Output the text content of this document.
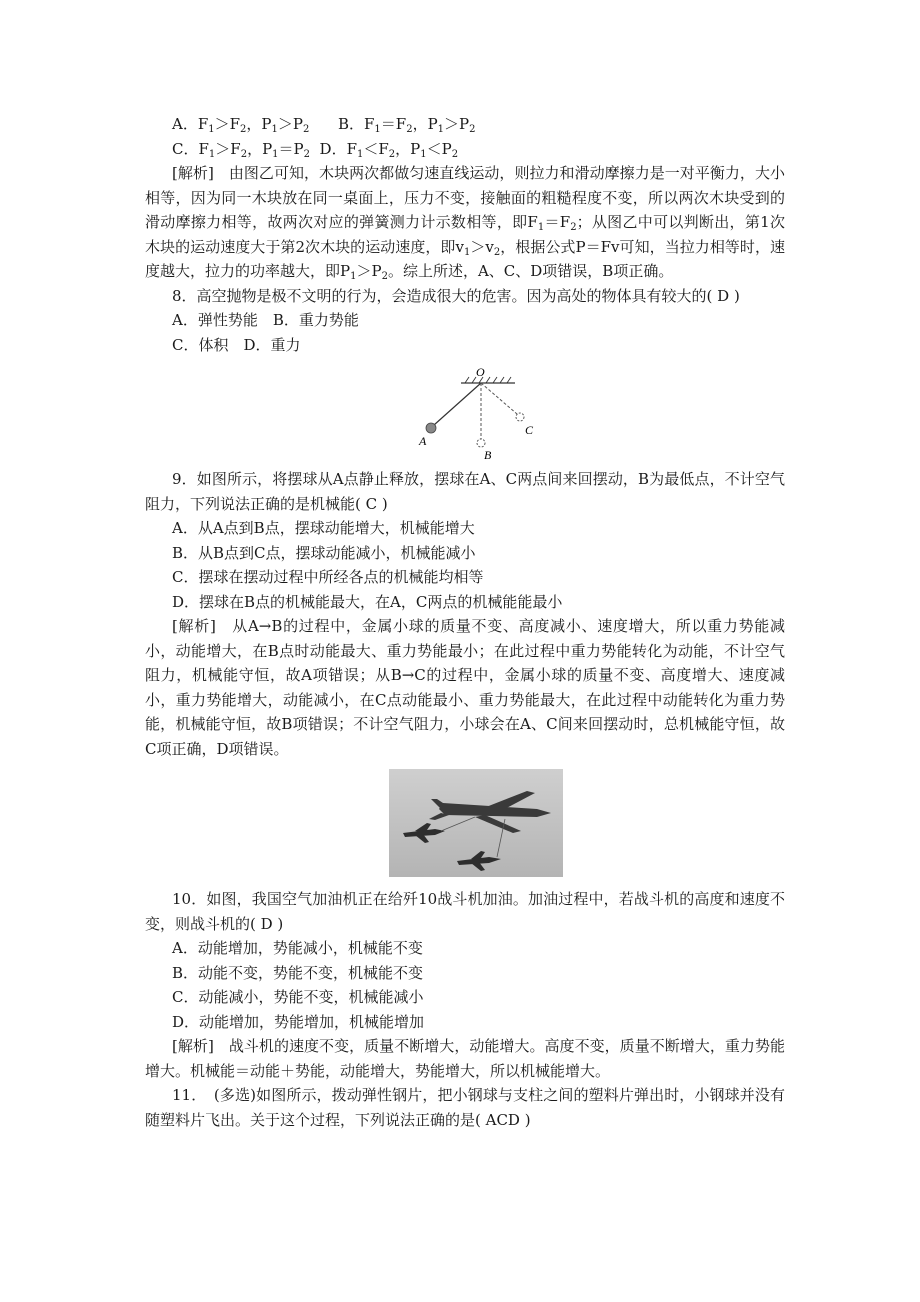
A．$F_1>F_2$，$P_1>P_2$      B．$F_1=F_2$，$P_1>P_2$
C．$F_1>F_2$，$P_1=P_2$  D．$F_1<F_2$，$P_1<P_2$
[解析]　由图乙可知，木块两次都做匀速直线运动，则拉力和滑动摩擦力是一对平衡力，大小相等，因为同一木块放在同一桌面上，压力不变，接触面的粗糙程度不变，所以两次木块受到的滑动摩擦力相等，故两次对应的弹簧测力计示数相等，即$F_1=F_2$；从图乙中可以判断出，第1次木块的运动速度大于第2次木块的运动速度，即$v_1>v_2$，根据公式P＝Fv可知，当拉力相等时，速度越大，拉力的功率越大，即$P_1>P_2$。综上所述，A、C、D项错误，B项正确。
8．高空抛物是极不文明的行为，会造成很大的危害。因为高处的物体具有较大的( D )
A．弹性势能　B．重力势能
C．体积　D．重力
O
A
B
C
9．如图所示，将摆球从A点静止释放，摆球在A、C两点间来回摆动，B为最低点，不计空气阻力，下列说法正确的是机械能( C )
A．从A点到B点，摆球动能增大，机械能增大
B．从B点到C点，摆球动能减小，机械能减小
C．摆球在摆动过程中所经各点的机械能均相等
D．摆球在B点的机械能最大，在A，C两点的机械能能最小
[解析]　从A→B的过程中，金属小球的质量不变、高度减小、速度增大，所以重力势能减小，动能增大，在B点时动能最大、重力势能最小；在此过程中重力势能转化为动能，不计空气阻力，机械能守恒，故A项错误；从B→C的过程中，金属小球的质量不变、高度增大、速度减小，重力势能增大，动能减小，在C点动能最小、重力势能最大，在此过程中动能转化为重力势能，机械能守恒，故B项错误；不计空气阻力，小球会在A、C间来回摆动时，总机械能守恒，故C项正确，D项错误。
10．如图，我国空气加油机正在给歼10战斗机加油。加油过程中，若战斗机的高度和速度不变，则战斗机的( D )
A．动能增加，势能减小，机械能不变
B．动能不变，势能不变，机械能不变
C．动能减小，势能不变，机械能减小
D．动能增加，势能增加，机械能增加
[解析]　战斗机的速度不变，质量不断增大，动能增大。高度不变，质量不断增大，重力势能增大。机械能＝动能＋势能，动能增大，势能增大，所以机械能增大。
11．　(多选)如图所示，拨动弹性钢片，把小钢球与支柱之间的塑料片弹出时，小钢球并没有随塑料片飞出。关于这个过程，下列说法正确的是( ACD )
